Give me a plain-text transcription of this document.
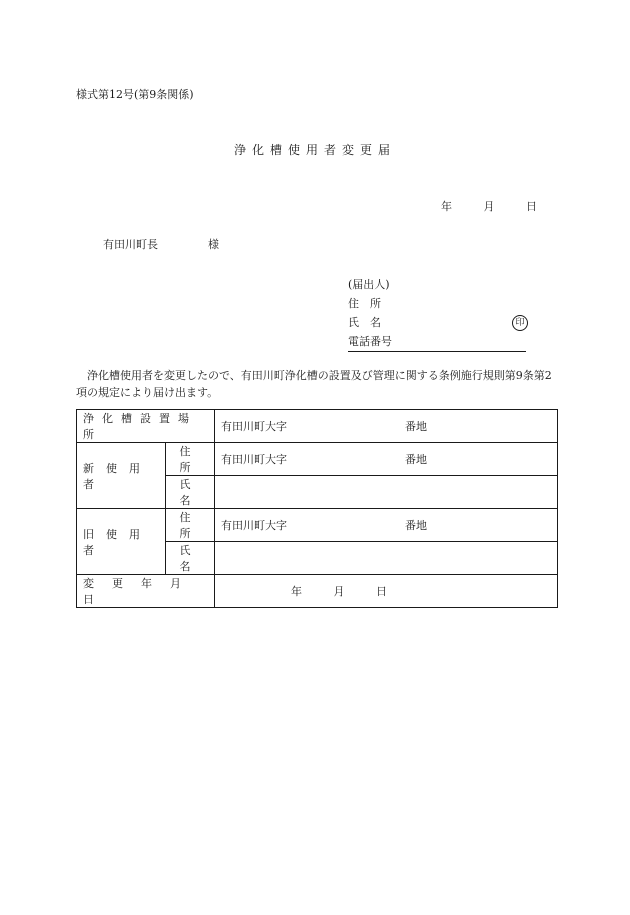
様式第12号(第9条関係)
浄化槽使用者変更届
年	月	日
有田川町長	様
(届出人)
住　所
氏　名	印
電話番号
浄化槽使用者を変更したので、有田川町浄化槽の設置及び管理に関する条例施行規則第9条第2項の規定により届け出ます。
浄化槽設置場所		有田川町大字 番地
新使用者	住所	有田川町大字 番地
	氏名	
旧使用者	住所	有田川町大字 番地
	氏名	
変更年月日		年 月 日
